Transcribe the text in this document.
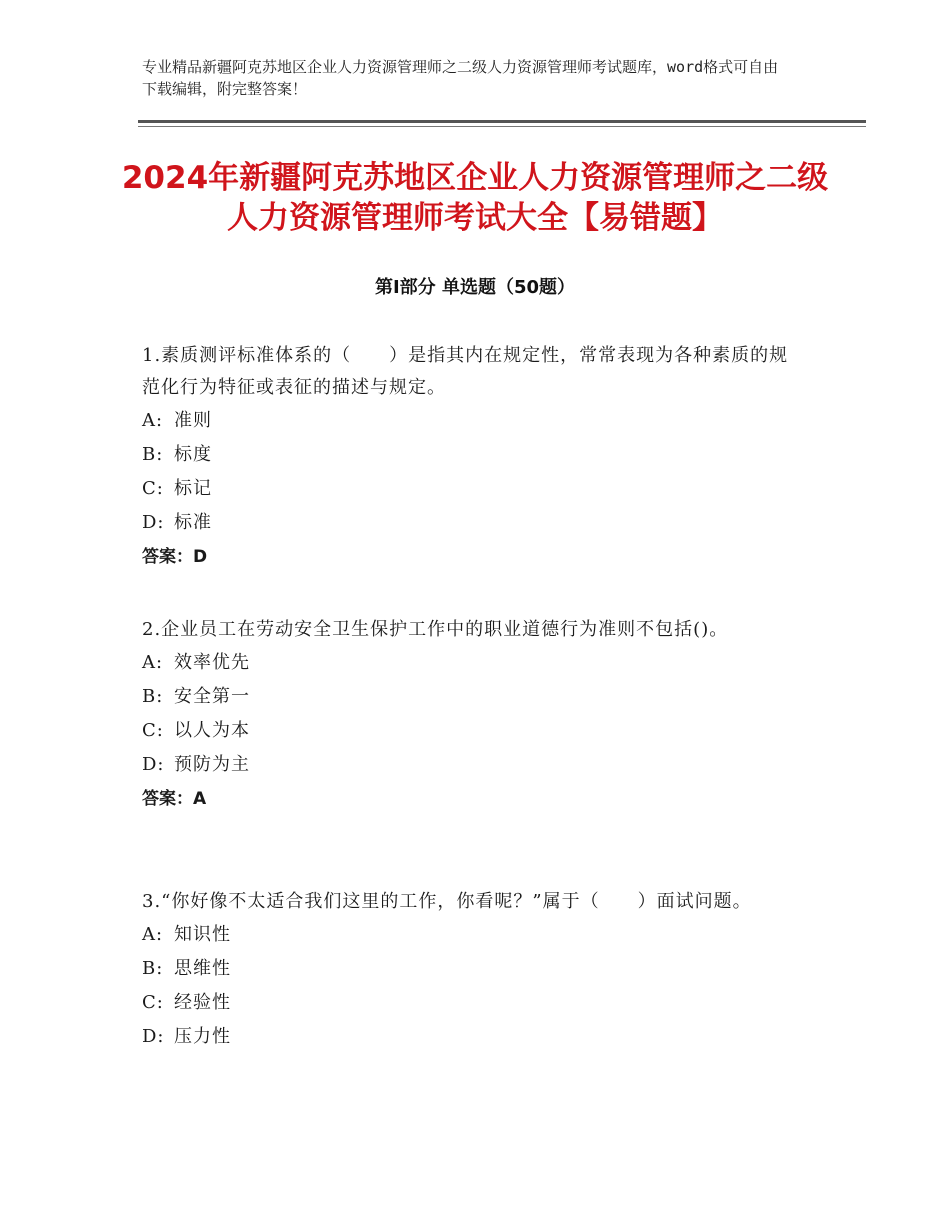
专业精品新疆阿克苏地区企业人力资源管理师之二级人力资源管理师考试题库，word格式可自由下载编辑，附完整答案！
2024年新疆阿克苏地区企业人力资源管理师之二级人力资源管理师考试大全【易错题】
第Ⅰ部分 单选题（50题）

1.素质测评标准体系的（　　）是指其内在规定性，常常表现为各种素质的规范化行为特征或表征的描述与规定。

A: 准则

B: 标度

C: 标记

D: 标准

答案：D

2.企业员工在劳动安全卫生保护工作中的职业道德行为准则不包括()。

A: 效率优先

B: 安全第一

C: 以人为本

D: 预防为主

答案：A

3.“你好像不太适合我们这里的工作，你看呢？”属于（　　）面试问题。

A: 知识性

B: 思维性

C: 经验性

D: 压力性
